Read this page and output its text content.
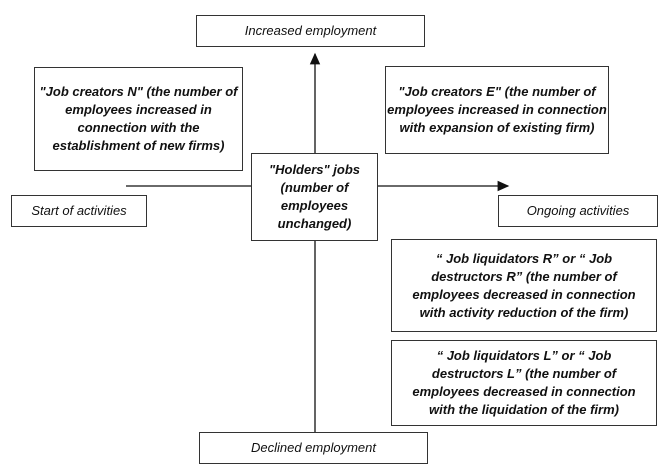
Increased employment
"Job creators N" (the number of employees increased in connection with the establishment of new firms)
"Job creators E" (the number of employees increased in connection with expansion of existing firm)
"Holders" jobs (number of employees unchanged)
Start of activities	Ongoing activities
“ Job liquidators R” or “ Job destructors R” (the number of employees decreased in connection with activity reduction of the firm)
“ Job liquidators L” or “ Job destructors L” (the number of employees decreased in connection with the liquidation of the firm)
Declined employment
